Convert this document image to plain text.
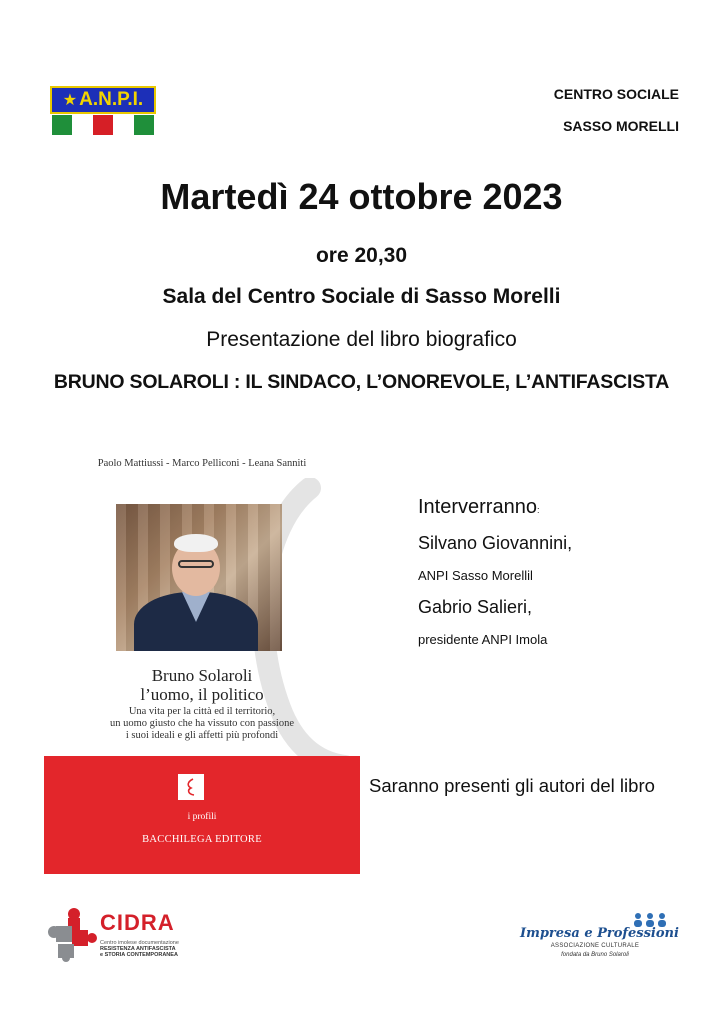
★ A.N.P.I.	CENTRO SOCIALE
SASSO MORELLI
Martedì 24 ottobre 2023
ore 20,30
Sala del Centro Sociale di Sasso Morelli
Presentazione del libro biografico
BRUNO SOLAROLI : IL SINDACO, L’ONOREVOLE, L’ANTIFASCISTA
Paolo Mattiussi - Marco Pelliconi - Leana Sanniti
Bruno Solaroli
l’uomo, il politico
Una vita per la città ed il territorio,
un uomo giusto che ha vissuto con passione
i suoi ideali e gli affetti più profondi
i profili
BACCHILEGA EDITORE
Interverranno:
Silvano Giovannini,
ANPI Sasso Morellil
Gabrio Salieri,
presidente ANPI Imola
Saranno presenti gli autori del libro
CIDRA
Centro imolese documentazione
RESISTENZA ANTIFASCISTA
e STORIA CONTEMPORANEA
Impresa e Professioni
ASSOCIAZIONE CULTURALE
fondata da Bruno Solaroli
